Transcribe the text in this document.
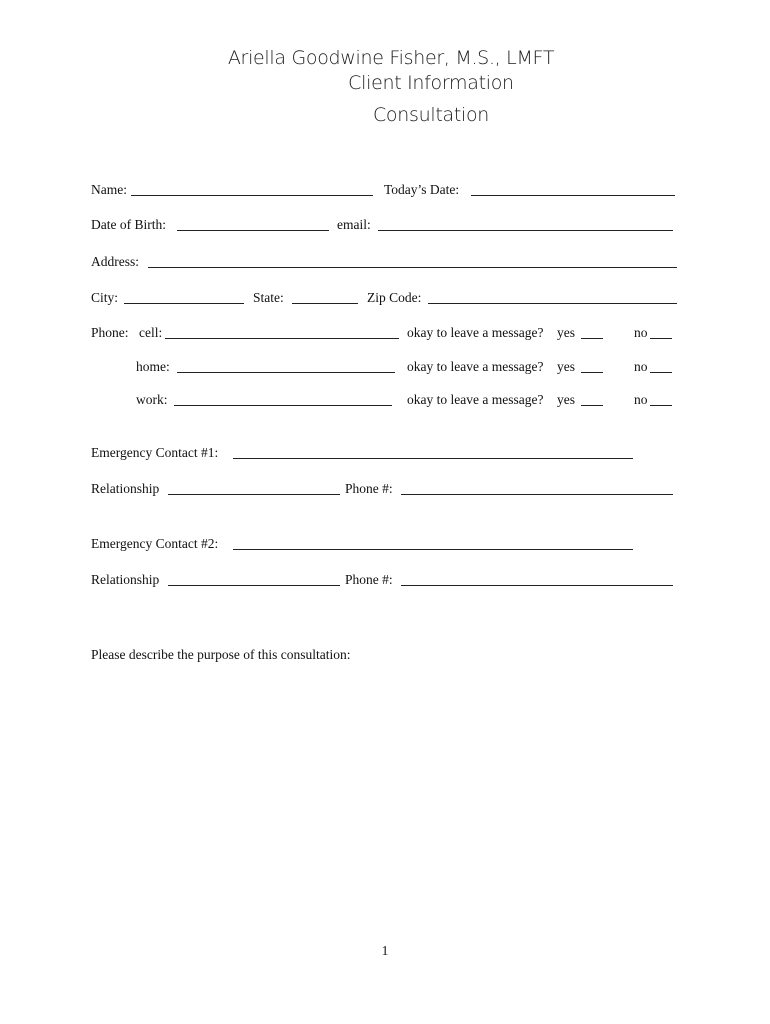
Ariella Goodwine Fisher, M.S., LMFT
Client Information
Consultation
Name:	Today’s Date:
Date of Birth:	email:
Address:
City:	State:	Zip Code:
Phone: cell:	okay to leave a message? yes	no
home:	okay to leave a message? yes	no
work:	okay to leave a message? yes	no
Emergency Contact #1:
Relationship	Phone #:
Emergency Contact #2:
Relationship	Phone #:
Please describe the purpose of this consultation:
1
